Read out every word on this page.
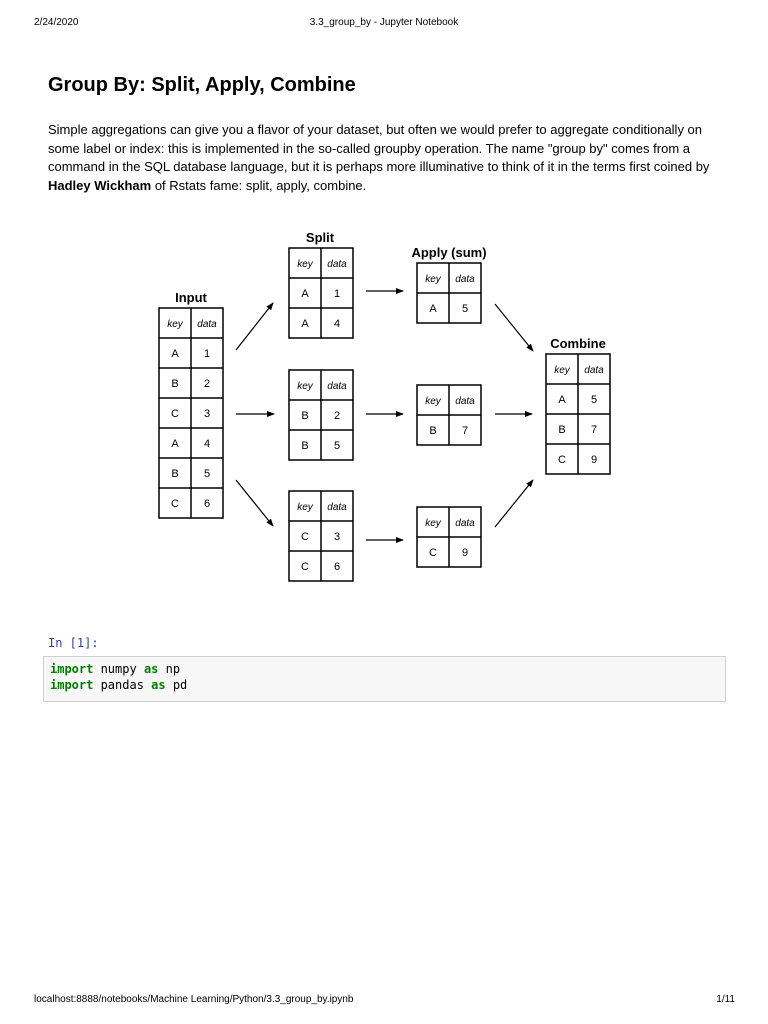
2/24/2020	3.3_group_by - Jupyter Notebook
Group By: Split, Apply, Combine

Simple aggregations can give you a flavor of your dataset, but often we would prefer to aggregate conditionally on some label or index: this is implemented in the so-called groupby operation. The name "group by" comes from a command in the SQL database language, but it is perhaps more illuminative to think of it in the terms first coined by Hadley Wickham of Rstats fame: split, apply, combine.

Input
key data
A 1
B 2
C 3
A 4
B 5
C 6
Split
key data
A 1
A 4
key data
B 2
B 5
key data
C 3
C 6
Apply (sum)
key data
A 5
key data
B 7
key data
C 9
Combine
key data
A 5
B 7
C 9
In [1]:
import numpy as np
import pandas as pd
localhost:8888/notebooks/Machine Learning/Python/3.3_group_by.ipynb	1/11
